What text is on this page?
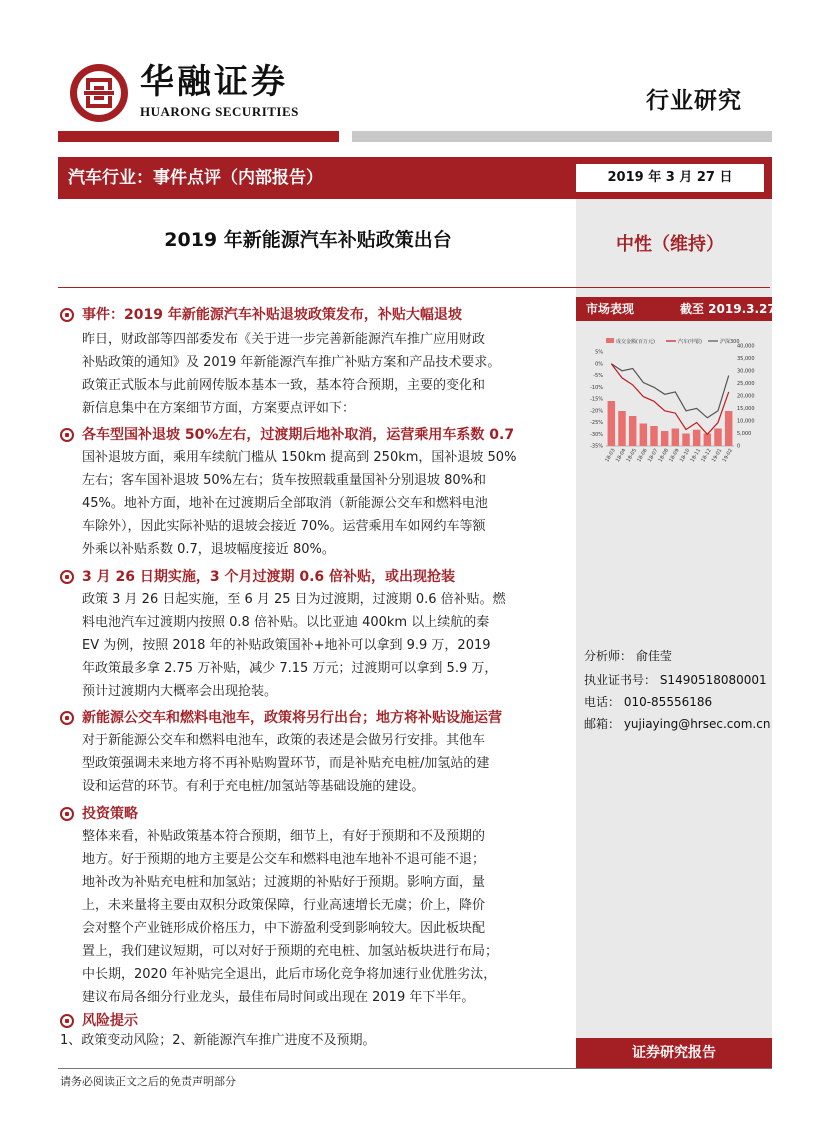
华融证券
HUARONG SECURITIES	行业研究
汽车行业：事件点评（内部报告）	2019 年 3 月 27 日
2019 年新能源汽车补贴政策出台	中性（维持）
市场表现	截至 2019.3.27
成交金额(百万元)	汽车(申银)	沪深300
5%
0%
-5%
-10%
-15%
-20%
-25%
-30%
-35%
40,000
35,000
30,000
25,000
20,000
15,000
10,000
5,000
0
18-03
18-04
18-05
18-06
18-07
18-08
18-09
18-10
18-11
18-12
19-01
19-02
分析师： 俞佳莹
执业证书号： S1490518080001
电话： 010-85556186
邮箱： yujiaying@hrsec.com.cn
事件：2019 年新能源汽车补贴退坡政策发布，补贴大幅退坡
昨日，财政部等四部委发布《关于进一步完善新能源汽车推广应用财政
补贴政策的通知》及 2019 年新能源汽车推广补贴方案和产品技术要求。
政策正式版本与此前网传版本基本一致，基本符合预期，主要的变化和
新信息集中在方案细节方面，方案要点评如下：
各车型国补退坡 50%左右，过渡期后地补取消，运营乘用车系数 0.7
国补退坡方面，乘用车续航门槛从 150km 提高到 250km，国补退坡 50%
左右；客车国补退坡 50%左右；货车按照载重量国补分别退坡 80%和
45%。地补方面，地补在过渡期后全部取消（新能源公交车和燃料电池
车除外），因此实际补贴的退坡会接近 70%。运营乘用车如网约车等额
外乘以补贴系数 0.7，退坡幅度接近 80%。
3 月 26 日期实施，3 个月过渡期 0.6 倍补贴，或出现抢装
政策 3 月 26 日起实施，至 6 月 25 日为过渡期，过渡期 0.6 倍补贴。燃
料电池汽车过渡期内按照 0.8 倍补贴。以比亚迪 400km 以上续航的秦
EV 为例，按照 2018 年的补贴政策国补+地补可以拿到 9.9 万，2019
年政策最多拿 2.75 万补贴，减少 7.15 万元；过渡期可以拿到 5.9 万，
预计过渡期内大概率会出现抢装。
新能源公交车和燃料电池车，政策将另行出台；地方将补贴设施运营
对于新能源公交车和燃料电池车，政策的表述是会做另行安排。其他车
型政策强调未来地方将不再补贴购置环节，而是补贴充电桩/加氢站的建
设和运营的环节。有利于充电桩/加氢站等基础设施的建设。
投资策略
整体来看，补贴政策基本符合预期，细节上，有好于预期和不及预期的
地方。好于预期的地方主要是公交车和燃料电池车地补不退可能不退；
地补改为补贴充电桩和加氢站；过渡期的补贴好于预期。影响方面，量
上，未来量将主要由双积分政策保障，行业高速增长无虞；价上，降价
会对整个产业链形成价格压力，中下游盈利受到影响较大。因此板块配
置上，我们建议短期，可以对好于预期的充电桩、加氢站板块进行布局；
中长期，2020 年补贴完全退出，此后市场化竞争将加速行业优胜劣汰，
建议布局各细分行业龙头，最佳布局时间或出现在 2019 年下半年。
风险提示
1、政策变动风险；2、新能源汽车推广进度不及预期。
证券研究报告
请务必阅读正文之后的免责声明部分
